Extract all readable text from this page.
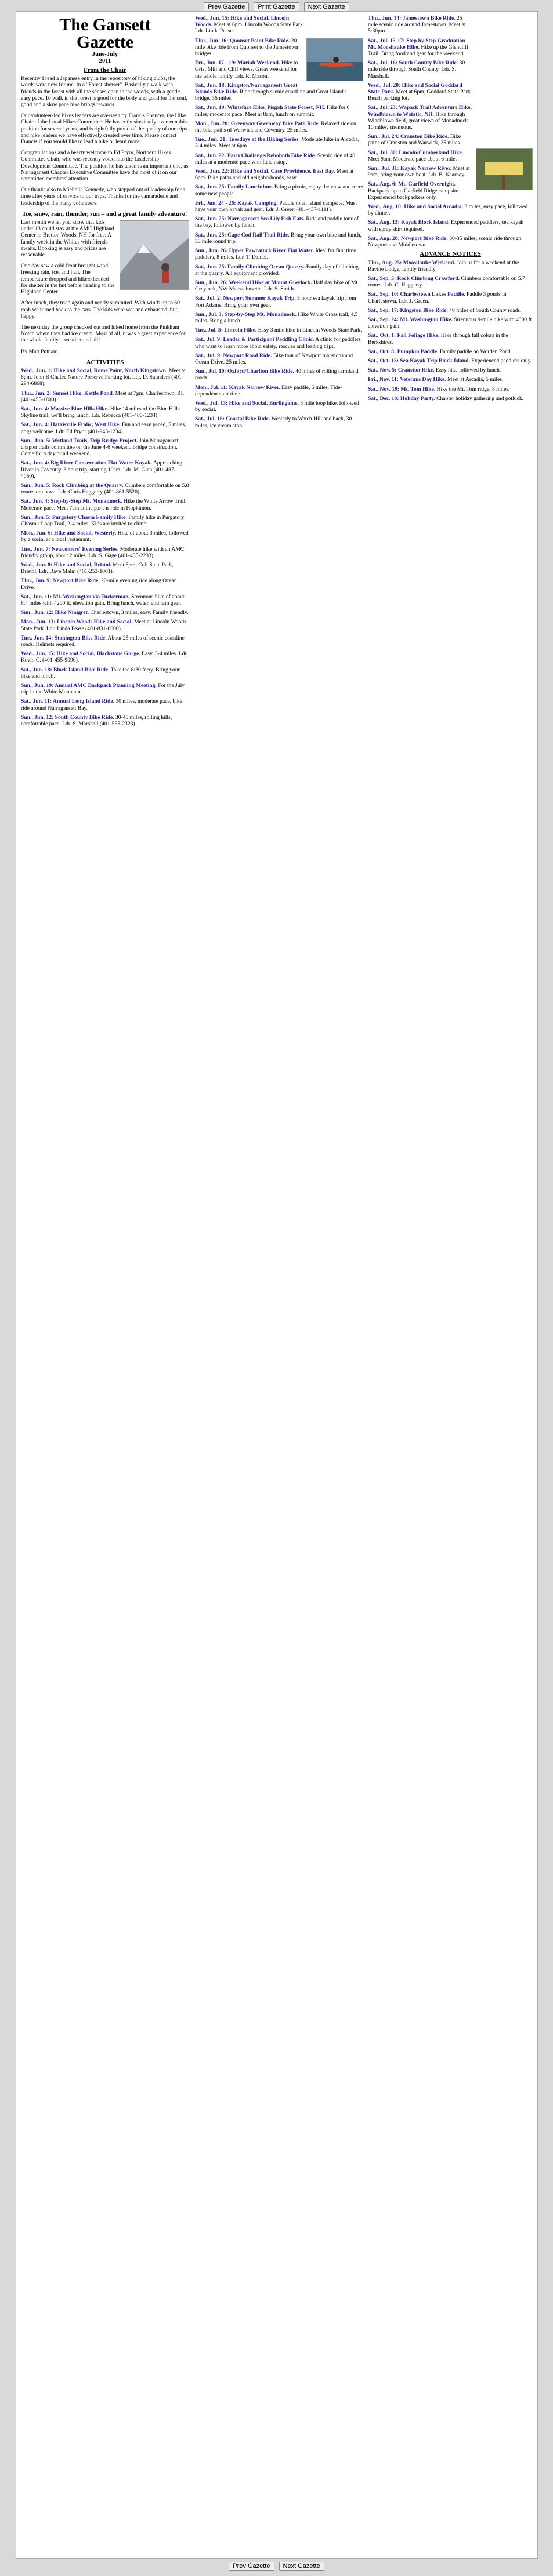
Prev Gazette Print Gazette Next Gazette
The Gansett
Gazette

June-July
2011

From the Chair

Recently I read a Japanese entry in the repository of hiking clubs, the words were new for me. In a "Forest shower". Basically a walk with friends in the forest with all the senses open in the woods, with a gentle easy pace. To walk in the forest is good for the body and good for the soul, good and a slow pace hike brings rewards.

Our volunteer-led hikes leaders are overseen by Francis Spencer, the Hike Chair of the Local Hikes Committee. He has enthusiastically overseen this position for several years, and is rightfully proud of the quality of our trips and hike leaders we have effectively created over time. Please contact Francis if you would like to lead a hike or learn more.

Congratulations and a hearty welcome to Ed Pryor, Northern Hikes Committee Chair, who was recently voted into the Leadership Development Committee. The position he has taken is an important one, as Narragansett Chapter Executive Committee have the most of it on our committee members' attention.

Our thanks also to Michelle Kennedy, who stepped out of leadership for a time after years of service to our trips. Thanks for the camaraderie and leadership of the many volunteers.

Ice, snow, rain, thunder, sun – and a great family adventure!

Last month we let you know that kids under 13 could stay at the AMC Highland Center in Bretton Woods, NH for free. A family week in the Whites with friends awaits. Booking is easy and prices are reasonable.

One day saw a cold front brought wind, freezing rain, ice, and hail. The temperature dropped and hikers headed for shelter in the hut before heading to the Highland Center.

After lunch, they tried again and nearly summited. With winds up to 60 mph we turned back to the cars. The kids were wet and exhausted, but happy.

The next day the group checked out and hiked home from the Pinkham Notch where they had ice cream. Most of all, it was a great experience for the whole family – weather and all!

By Matt Putnam

ACTIVITIES

Wed., Jun. 1: Hike and Social, Rome Point, North Kingstown. Meet at 6pm, John B Chafee Nature Preserve Parking lot. Ldr. D. Saunders (401-294-6868).

Thu., Jun. 2: Sunset Hike, Kettle Pond. Meet at 7pm, Charlestown, RI. (401-455-1800).

Sat., Jun. 4: Massive Blue Hills Hike. Hike 14 miles of the Blue Hills Skyline trail, we'll bring lunch. Ldr. Rebecca (401-480-1234).

Sat., Jun. 4: Harrisville Frolic, West Hike. Fun and easy paced, 5 miles, dogs welcome. Ldr. Ed Pryor (401-943-1234).

Sun., Jun. 5: Wetland Trails, Trip Bridge Project. Join Narragansett chapter trails committee on the June 4-6 weekend bridge construction. Come for a day or all weekend.

Sat., Jun. 4: Big River Conservation Flat Water Kayak. Approaching River in Coventry. 3 hour trip, starting 10am. Ldr. M. Glen (401-487-4050).

Sun., Jun. 5: Rock Climbing at the Quarry. Climbers comfortable on 5.8 routes or above. Ldr. Chris Haggerty (401-861-5520).

Sat., Jun. 4: Step-by-Step Mt. Monadnock. Hike the White Arrow Trail. Moderate pace. Meet 7am at the park-n-ride in Hopkinton.

Sun., Jun. 5: Purgatory Chasm Family Hike. Family hike in Purgatory Chasm's Loop Trail, 2-4 miles. Kids are invited to climb.

Mon., Jun. 6: Hike and Social, Westerly. Hike of about 3 miles, followed by a social at a local restaurant.

Tue., Jun. 7: Newcomers' Evening Series. Moderate hike with an AMC friendly group, about 2 miles. Ldr. S. Gage (401-455-2233).

Wed., Jun. 8: Hike and Social, Bristol. Meet 6pm, Colt State Park, Bristol. Ldr. Dave Malm (401-253-1001).

Thu., Jun. 9: Newport Bike Ride. 20-mile evening ride along Ocean Drive.

Sat., Jun. 11: Mt. Washington via Tuckerman. Strenuous hike of about 8.4 miles with 4200 ft. elevation gain. Bring lunch, water, and rain gear.

Sun., Jun. 12: Hike Ninigret. Charlestown, 3 miles, easy. Family friendly.

Mon., Jun. 13: Lincoln Woods Hike and Social. Meet at Lincoln Woods State Park. Ldr. Linda Pease (401-831-8600).

Tue., Jun. 14: Stonington Bike Ride. About 25 miles of scenic coastline roads. Helmets required.

Wed., Jun. 15: Hike and Social, Blackstone Gorge. Easy, 3-4 miles. Ldr. Kevin C. (401-455-9990).

Sat., Jun. 18: Block Island Bike Ride. Take the 8:30 ferry. Bring your bike and lunch.

Sun., Jun. 19: Annual AMC Backpack Planning Meeting. For the July trip in the White Mountains.

Sat., Jun. 11: Annual Long Island Ride. 30 miles, moderate pace, bike ride around Narragansett Bay.

Sun., Jun. 12: South County Bike Ride. 30-40 miles, rolling hills, comfortable pace. Ldr. S. Marshall (401-555-2323).

Wed., Jun. 15: Hike and Social, Lincoln Woods. Meet at 6pm. Lincoln Woods State Park Ldr. Linda Pease.

Thu., Jun. 16: Quonset Point Bike Ride. 20 mile bike ride from Quonset to the Jamestown bridges.

Fri., Jun. 17 - 19: Mariah Weekend. Hike to Grist Mill and Cliff views. Great weekend for the whole family. Ldr. R. Mason.

Sat., Jun. 18: Kingston/Narragansett Great Islands Bike Ride. Ride through scenic coastline and Great Island's bridge. 35 miles.

Sat., Jun. 19: Whiteface Hike, Pisgah State Forest, NH. Hike for 6 miles, moderate pace. Meet at 8am, lunch on summit.

Mon., Jun. 20: Greenway Greenway Bike Path Ride. Relaxed ride on the bike paths of Warwick and Coventry. 25 miles.

Tue., Jun. 21: Tuesdays at the Hiking Series. Moderate hike in Arcadia, 3-4 miles. Meet at 6pm.

Sat., Jun. 22: Paris Challenge/Rehoboth Bike Ride. Scenic ride of 40 miles at a moderate pace with lunch stop.

Wed., Jun. 22: Hike and Social, Case Providence, East Bay. Meet at 6pm. Bike paths and old neighborhoods, easy.

Sat., Jun. 25: Family Lunchtime. Bring a picnic, enjoy the view and meet some new people.

Fri., Jun. 24 - 26: Kayak Camping. Paddle to an island campsite. Must have your own kayak and gear. Ldr. J. Green (401-437-1111).

Sat., Jun. 25: Narragansett Sea Lily Fish Eats. Ride and paddle tour of the bay, followed by lunch.

Sat., Jun. 25: Cape Cod Rail Trail Ride. Bring your own bike and lunch, 50 mile round trip.

Sun., Jun. 26: Upper Pawcatuck River Flat Water. Ideal for first time paddlers, 8 miles. Ldr. T. Daniel.

Sat., Jun. 25: Family Climbing Ocean Quarry. Family day of climbing at the quarry. All equipment provided.

Sun., Jun. 26: Weekend Hike at Mount Greylock. Half day hike of Mt. Greylock, NW Massachusetts. Ldr. S. Smith.

Sat., Jul. 2: Newport Summer Kayak Trip. 3 hour sea kayak trip from Fort Adams. Bring your own gear.

Sun., Jul. 3: Step-by-Step Mt. Monadnock. Hike White Cross trail, 4.5 miles. Bring a lunch.

Tue., Jul. 5: Lincoln Hike. Easy 3 mile hike in Lincoln Woods State Park.

Sat., Jul. 9: Leader & Participant Paddling Clinic. A clinic for paddlers who want to learn more about safety, rescues and leading trips.

Sat., Jul. 9: Newport Road Ride. Bike tour of Newport mansions and Ocean Drive. 25 miles.

Sun., Jul. 10: Oxford/Charlton Bike Ride. 40 miles of rolling farmland roads.

Mon., Jul. 11: Kayak Narrow River. Easy paddle, 6 miles. Tide-dependent start time.

Wed., Jul. 13: Hike and Social, Burlingame. 3 mile loop hike, followed by social.

Sat., Jul. 16: Coastal Bike Ride. Westerly to Watch Hill and back, 30 miles, ice cream stop.

Thu., Jun. 14: Jamestown Bike Ride. 25 mile scenic ride around Jamestown. Meet at 5:30pm.

Sat., Jul. 15-17: Step by Step Graduation Mt. Moosilauke Hike. Hike up the Glencliff Trail. Bring food and gear for the weekend.

Sat., Jul. 16: South County Bike Ride. 30 mile ride through South County. Ldr. S. Marshall.

Wed., Jul. 20: Hike and Social Goddard State Park. Meet at 6pm, Goddard State Park Beach parking lot.

Sat., Jul. 23: Wapack Trail Adventure Hike, Windblown to Watatic, NH. Hike through Windblown field, great views of Monadnock. 10 miles, strenuous.

Sun., Jul. 24: Cranston Bike Ride. Bike paths of Cranston and Warwick, 25 miles.

Sat., Jul. 30: Lincoln/Cumberland Hike. Meet 9am. Moderate pace about 6 miles.

Sun., Jul. 31: Kayak Narrow River. Meet at 9am, bring your own boat. Ldr. B. Kearney.

Sat., Aug. 6: Mt. Garfield Overnight. Backpack up to Garfield Ridge campsite. Experienced backpackers only.

Wed., Aug. 10: Hike and Social Arcadia. 3 miles, easy pace, followed by dinner.

Sat., Aug. 13: Kayak Block Island. Experienced paddlers, sea kayak with spray skirt required.

Sat., Aug. 20: Newport Bike Ride. 30-35 miles, scenic ride through Newport and Middletown.

ADVANCE NOTICES

Thu., Aug. 25: Moosilauke Weekend. Join us for a weekend at the Ravine Lodge, family friendly.

Sat., Sep. 3: Rock Climbing Crawford. Climbers comfortable on 5.7 routes. Ldr. C. Haggerty.

Sat., Sep. 10: Charlestown Lakes Paddle. Paddle 3 ponds in Charlestown. Ldr. J. Green.

Sat., Sep. 17: Kingston Bike Ride. 40 miles of South County roads.

Sat., Sep. 24: Mt. Washington Hike. Strenuous 9-mile hike with 4000 ft elevation gain.

Sat., Oct. 1: Fall Foliage Hike. Hike through fall colors in the Berkshires.

Sat., Oct. 8: Pumpkin Paddle. Family paddle on Worden Pond.

Sat., Oct. 15: Sea Kayak Trip Block Island. Experienced paddlers only.

Sat., Nov. 5: Cranston Hike. Easy hike followed by lunch.

Fri., Nov. 11: Veterans Day Hike. Meet at Arcadia, 5 miles.

Sat., Nov. 19: Mt. Tom Hike. Hike the Mt. Tom ridge, 8 miles.

Sat., Dec. 10: Holiday Party. Chapter holiday gathering and potluck.

Prev Gazette Next Gazette
